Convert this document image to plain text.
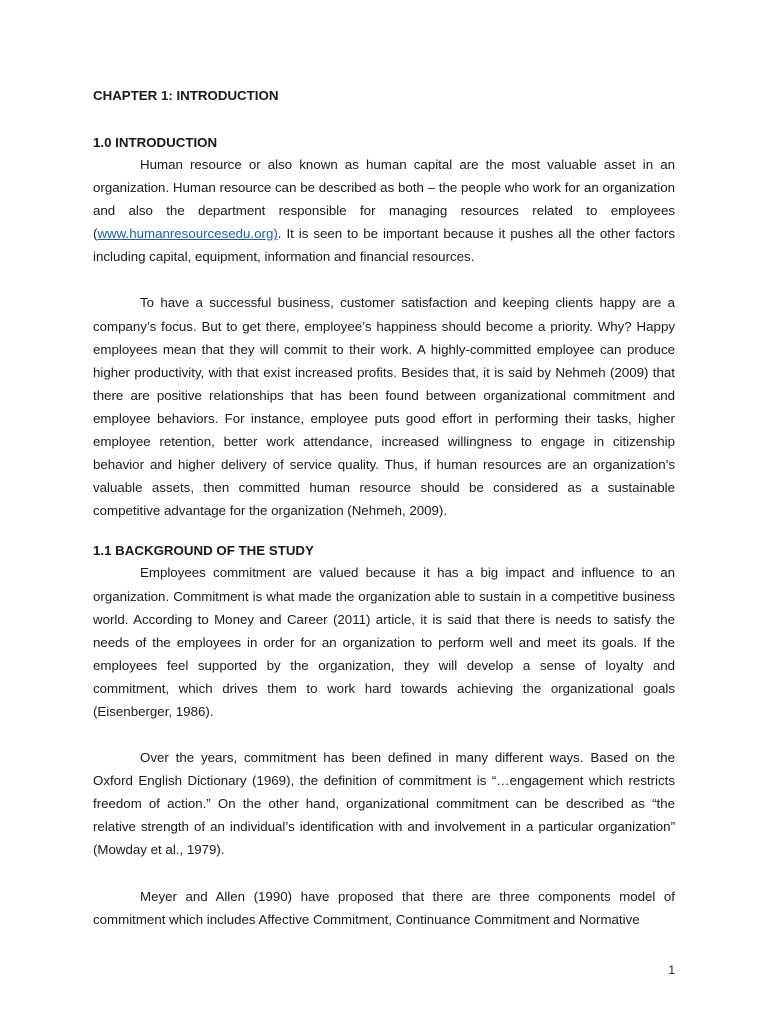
CHAPTER 1: INTRODUCTION
1.0 INTRODUCTION

Human resource or also known as human capital are the most valuable asset in an organization. Human resource can be described as both – the people who work for an organization and also the department responsible for managing resources related to employees (www.humanresourcesedu.org). It is seen to be important because it pushes all the other factors including capital, equipment, information and financial resources.

To have a successful business, customer satisfaction and keeping clients happy are a company’s focus. But to get there, employee’s happiness should become a priority. Why? Happy employees mean that they will commit to their work. A highly-committed employee can produce higher productivity, with that exist increased profits. Besides that, it is said by Nehmeh (2009) that there are positive relationships that has been found between organizational commitment and employee behaviors. For instance, employee puts good effort in performing their tasks, higher employee retention, better work attendance, increased willingness to engage in citizenship behavior and higher delivery of service quality. Thus, if human resources are an organization’s valuable assets, then committed human resource should be considered as a sustainable competitive advantage for the organization (Nehmeh, 2009).

1.1 BACKGROUND OF THE STUDY

Employees commitment are valued because it has a big impact and influence to an organization. Commitment is what made the organization able to sustain in a competitive business world. According to Money and Career (2011) article, it is said that there is needs to satisfy the needs of the employees in order for an organization to perform well and meet its goals. If the employees feel supported by the organization, they will develop a sense of loyalty and commitment, which drives them to work hard towards achieving the organizational goals (Eisenberger, 1986).

Over the years, commitment has been defined in many different ways. Based on the Oxford English Dictionary (1969), the definition of commitment is “…engagement which restricts freedom of action.” On the other hand, organizational commitment can be described as “the relative strength of an individual’s identification with and involvement in a particular organization” (Mowday et al., 1979).

Meyer and Allen (1990) have proposed that there are three components model of commitment which includes Affective Commitment, Continuance Commitment and Normative

1
